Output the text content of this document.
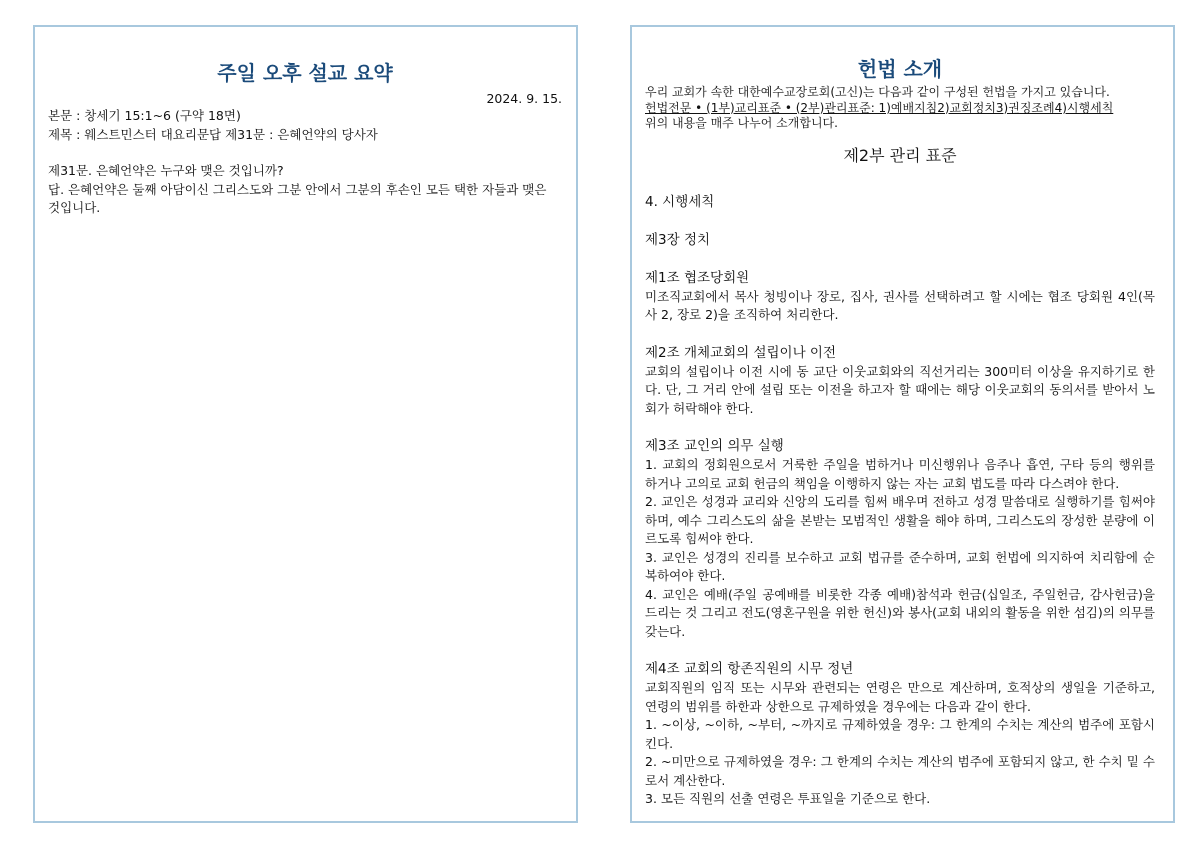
주일 오후 설교 요약
2024. 9. 15.
본문 : 창세기 15:1~6 (구약 18면)
제목 : 웨스트민스터 대요리문답 제31문 : 은혜언약의 당사자
제31문. 은혜언약은 누구와 맺은 것입니까?
답. 은혜언약은 둘째 아담이신 그리스도와 그분 안에서 그분의 후손인 모든 택한 자들과 맺은 것입니다.
헌법 소개
우리 교회가 속한 대한예수교장로회(고신)는 다음과 같이 구성된 헌법을 가지고 있습니다.
헌법전문 • (1부)교리표준 • (2부)관리표준: 1)예배지침2)교회정치3)권징조례4)시행세칙
위의 내용을 매주 나누어 소개합니다.
제2부 관리 표준
4. 시행세칙
제3장 정치
제1조 협조당회원
미조직교회에서 목사 청빙이나 장로, 집사, 권사를 선택하려고 할 시에는 협조 당회원 4인(목사 2, 장로 2)을 조직하여 처리한다.
제2조 개체교회의 설립이나 이전
교회의 설립이나 이전 시에 동 교단 이웃교회와의 직선거리는 300미터 이상을 유지하기로 한다. 단, 그 거리 안에 설립 또는 이전을 하고자 할 때에는 해당 이웃교회의 동의서를 받아서 노회가 허락해야 한다.
제3조 교인의 의무 실행
1. 교회의 정회원으로서 거룩한 주일을 범하거나 미신행위나 음주나 흡연, 구타 등의 행위를 하거나 고의로 교회 헌금의 책임을 이행하지 않는 자는 교회 법도를 따라 다스려야 한다.
2. 교인은 성경과 교리와 신앙의 도리를 힘써 배우며 전하고 성경 말씀대로 실행하기를 힘써야 하며, 예수 그리스도의 삶을 본받는 모범적인 생활을 해야 하며, 그리스도의 장성한 분량에 이르도록 힘써야 한다.
3. 교인은 성경의 진리를 보수하고 교회 법규를 준수하며, 교회 헌법에 의지하여 치리함에 순복하여야 한다.
4. 교인은 예배(주일 공예배를 비롯한 각종 예배)참석과 헌금(십일조, 주일헌금, 감사헌금)을 드리는 것 그리고 전도(영혼구원을 위한 헌신)와 봉사(교회 내외의 활동을 위한 섬김)의 의무를 갖는다.
제4조 교회의 항존직원의 시무 정년
교회직원의 임직 또는 시무와 관련되는 연령은 만으로 계산하며, 호적상의 생일을 기준하고, 연령의 범위를 하한과 상한으로 규제하였을 경우에는 다음과 같이 한다.
1. ~이상, ~이하, ~부터, ~까지로 규제하였을 경우: 그 한계의 수치는 계산의 범주에 포함시킨다.
2. ~미만으로 규제하였을 경우: 그 한계의 수치는 계산의 범주에 포함되지 않고, 한 수치 밑 수로서 계산한다.
3. 모든 직원의 선출 연령은 투표일을 기준으로 한다.
